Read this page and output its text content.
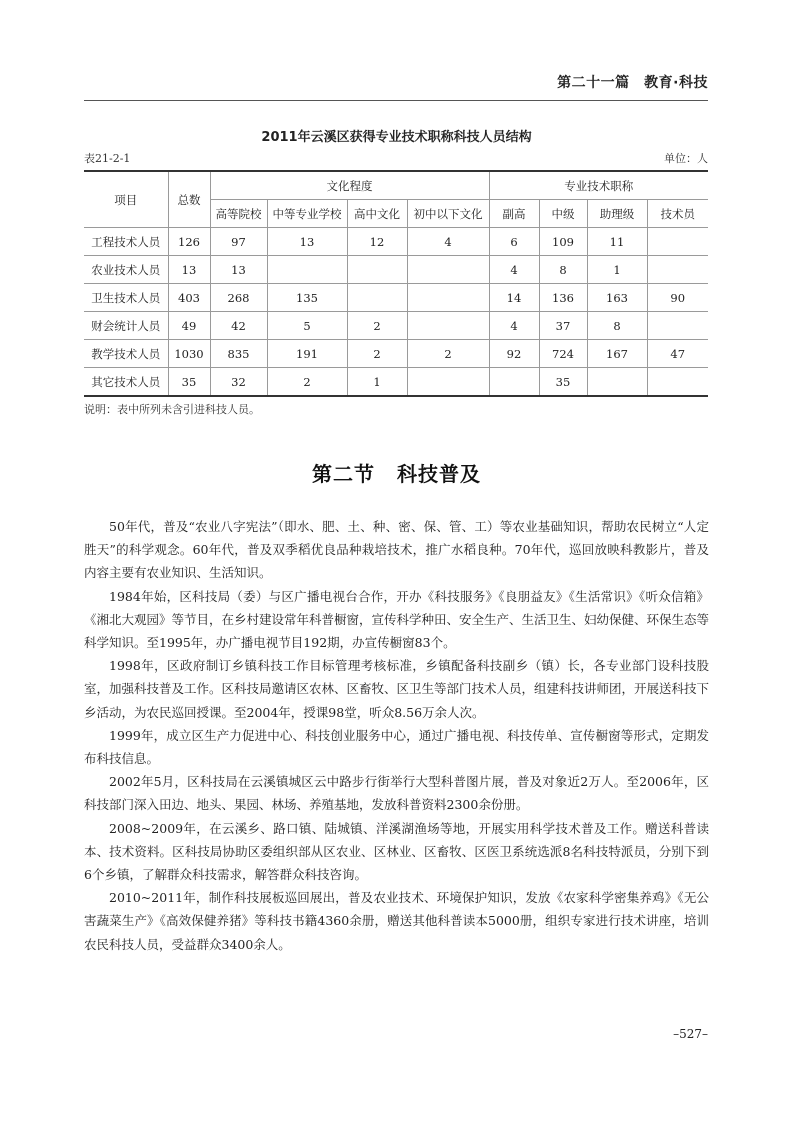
第二十一篇　教育·科技
2011年云溪区获得专业技术职称科技人员结构
表21-2-1	单位：人
项目	总数	文化程度				专业技术职称			
		高等院校	中等专业学校	高中文化	初中以下文化	副高	中级	助理级	技术员
工程技术人员	126	97	13	12	4	6	109	11	
农业技术人员	13	13				4	8	1	
卫生技术人员	403	268	135			14	136	163	90
财会统计人员	49	42	5	2		4	37	8	
教学技术人员	1030	835	191	2	2	92	724	167	47
其它技术人员	35	32	2	1			35		
说明：表中所列未含引进科技人员。
第二节 科技普及

50年代，普及“农业八字宪法”（即水、肥、土、种、密、保、管、工）等农业基础知识，帮助农民树立“人定胜天”的科学观念。60年代，普及双季稻优良品种栽培技术，推广水稻良种。70年代，巡回放映科教影片，普及内容主要有农业知识、生活知识。

1984年始，区科技局（委）与区广播电视台合作，开办《科技服务》《良朋益友》《生活常识》《听众信箱》《湘北大观园》等节目，在乡村建设常年科普橱窗，宣传科学种田、安全生产、生活卫生、妇幼保健、环保生态等科学知识。至1995年，办广播电视节目192期，办宣传橱窗83个。

1998年，区政府制订乡镇科技工作目标管理考核标准，乡镇配备科技副乡（镇）长，各专业部门设科技股室，加强科技普及工作。区科技局邀请区农林、区畜牧、区卫生等部门技术人员，组建科技讲师团，开展送科技下乡活动，为农民巡回授课。至2004年，授课98堂，听众8.56万余人次。

1999年，成立区生产力促进中心、科技创业服务中心，通过广播电视、科技传单、宣传橱窗等形式，定期发布科技信息。

2002年5月，区科技局在云溪镇城区云中路步行街举行大型科普图片展，普及对象近2万人。至2006年，区科技部门深入田边、地头、果园、林场、养殖基地，发放科普资料2300余份册。

2008~2009年，在云溪乡、路口镇、陆城镇、洋溪湖渔场等地，开展实用科学技术普及工作。赠送科普读本、技术资料。区科技局协助区委组织部从区农业、区林业、区畜牧、区医卫系统选派8名科技特派员，分别下到6个乡镇，了解群众科技需求，解答群众科技咨询。

2010~2011年，制作科技展板巡回展出，普及农业技术、环境保护知识，发放《农家科学密集养鸡》《无公害蔬菜生产》《高效保健养猪》等科技书籍4360余册，赠送其他科普读本5000册，组织专家进行技术讲座，培训农民科技人员，受益群众3400余人。

–527–
